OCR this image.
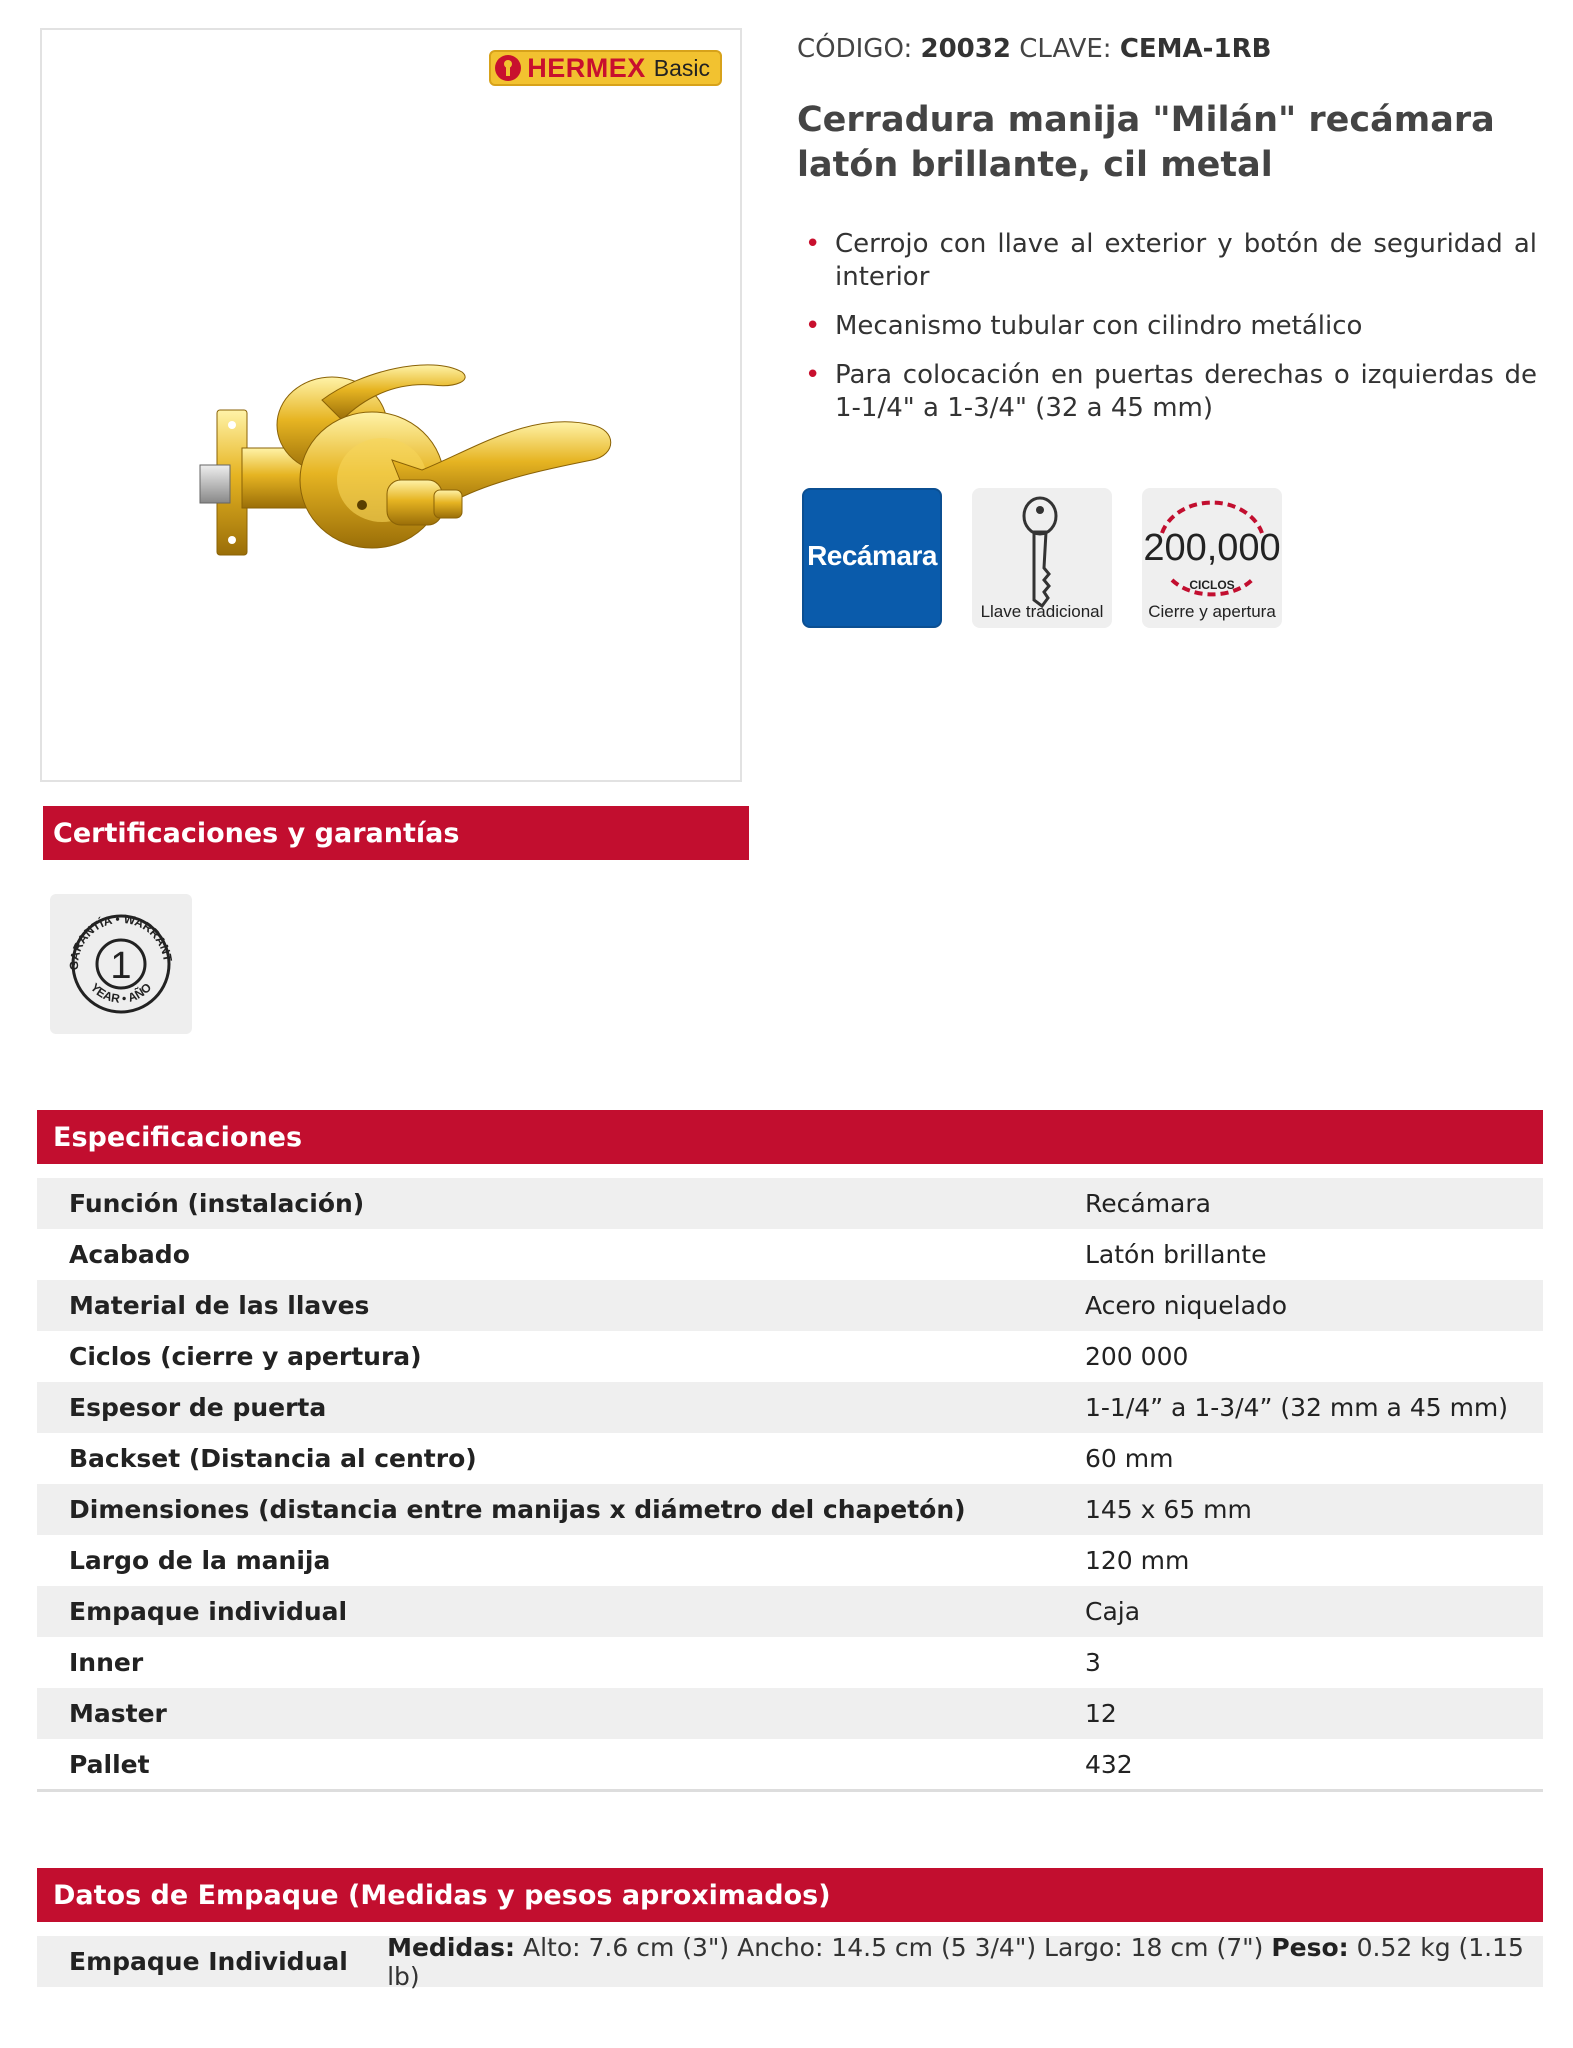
HERMEX Basic
CÓDIGO: 20032 CLAVE: CEMA-1RB
Cerradura manija "Milán" recámara
latón brillante, cil metal
• Cerrojo con llave al exterior y botón de seguridad al interior
• Mecanismo tubular con cilindro metálico
• Para colocación en puertas derechas o izquierdas de 1-1/4" a 1-3/4" (32 a 45 mm)
Recámara
Llave tradicional
200,000
CICLOS
Cierre y apertura
Certificaciones y garantías
GARANTÍA • WARRANT
YEAR • AÑO
1
Especificaciones
Función (instalación)	Recámara
Acabado	Latón brillante
Material de las llaves	Acero niquelado
Ciclos (cierre y apertura)	200 000
Espesor de puerta	1-1/4” a 1-3/4” (32 mm a 45 mm)
Backset (Distancia al centro)	60 mm
Dimensiones (distancia entre manijas x diámetro del chapetón)	145 x 65 mm
Largo de la manija	120 mm
Empaque individual	Caja
Inner	3
Master	12
Pallet	432
Datos de Empaque (Medidas y pesos aproximados)
Empaque Individual	Medidas: Alto: 7.6 cm (3") Ancho: 14.5 cm (5 3/4") Largo: 18 cm (7") Peso: 0.52 kg (1.15 lb)
